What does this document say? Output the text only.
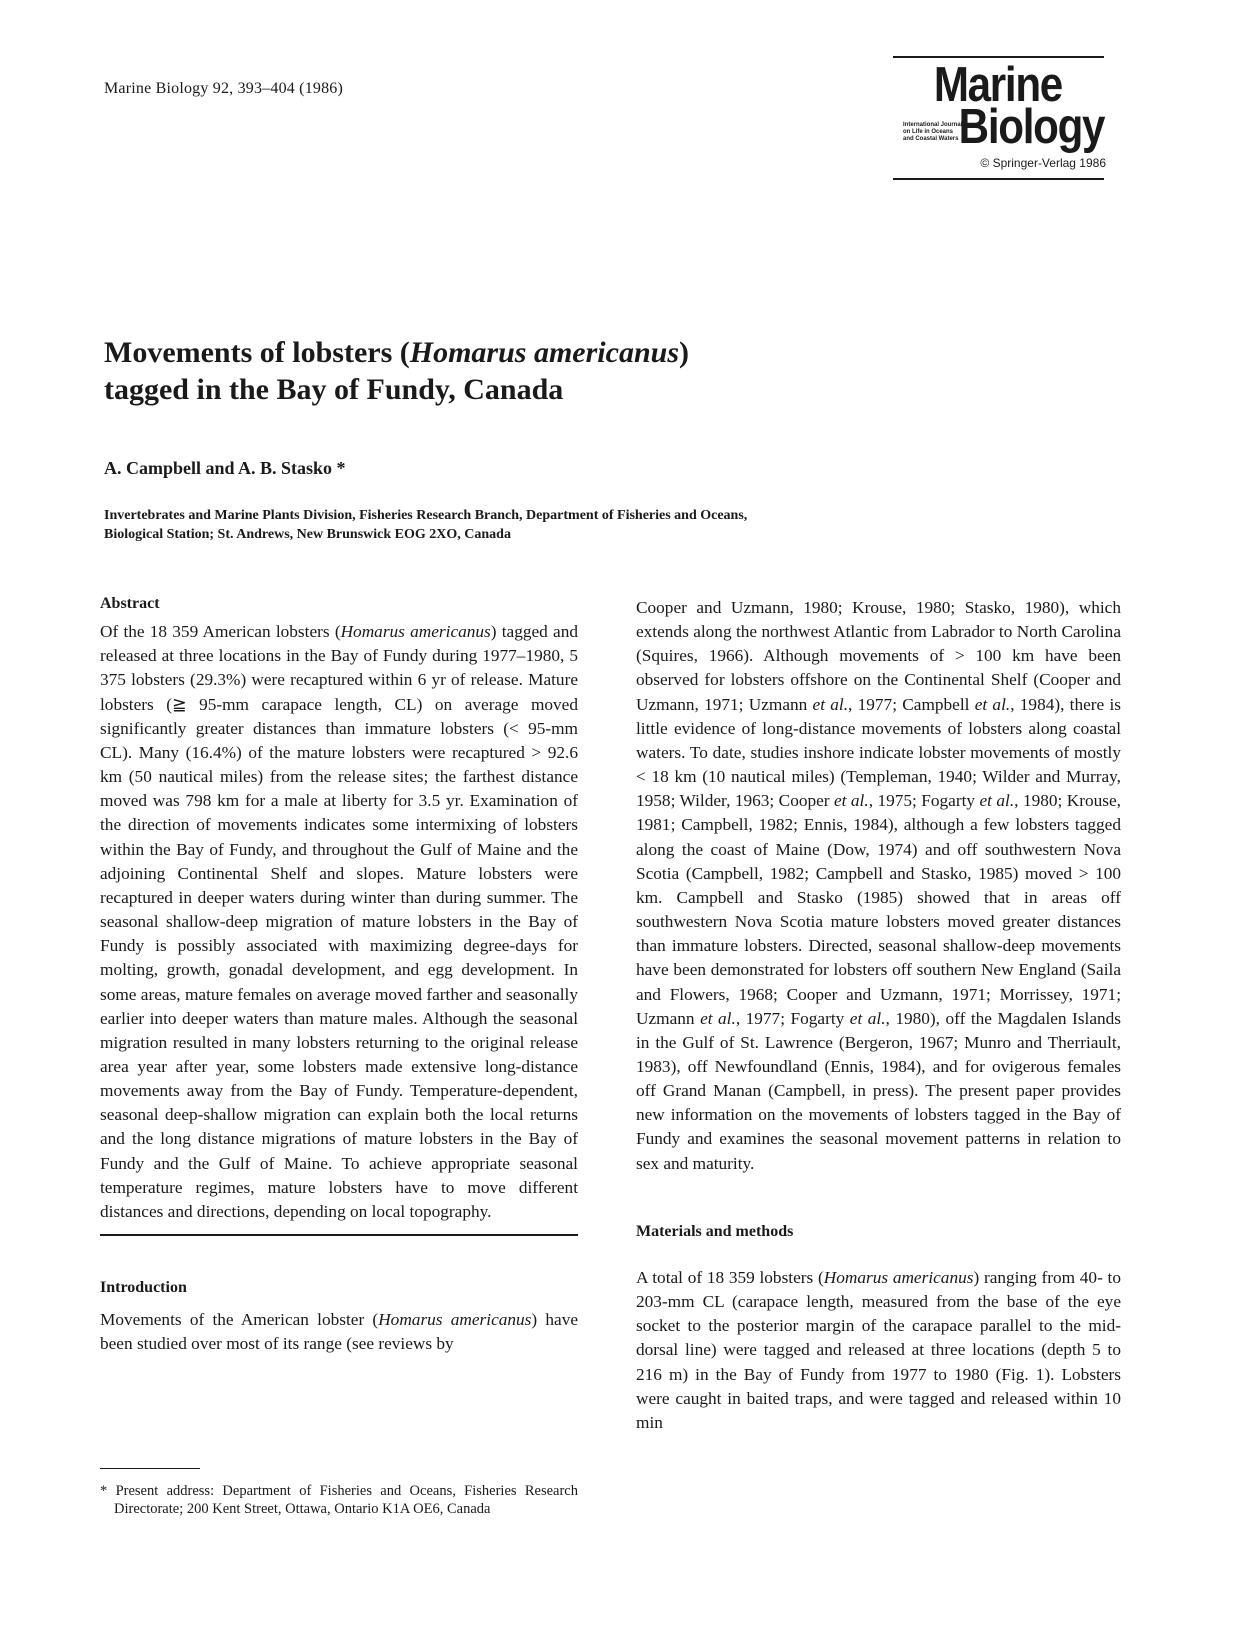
Marine Biology 92, 393–404 (1986)	Marine
Biology
International Journal
on Life in Oceans
and Coastal Waters
© Springer-Verlag 1986
Movements of lobsters (Homarus americanus)
tagged in the Bay of Fundy, Canada
A. Campbell and A. B. Stasko *
Invertebrates and Marine Plants Division, Fisheries Research Branch, Department of Fisheries and Oceans,
Biological Station; St. Andrews, New Brunswick EOG 2XO, Canada
Abstract

Of the 18 359 American lobsters (Homarus americanus) tagged and released at three locations in the Bay of Fundy during 1977–1980, 5 375 lobsters (29.3%) were recaptured within 6 yr of release. Mature lobsters (≧ 95-mm carapace length, CL) on average moved significantly greater distances than immature lobsters (< 95-mm CL). Many (16.4%) of the mature lobsters were recaptured > 92.6 km (50 nautical miles) from the release sites; the farthest distance moved was 798 km for a male at liberty for 3.5 yr. Examination of the direction of movements indicates some intermixing of lobsters within the Bay of Fundy, and throughout the Gulf of Maine and the adjoining Continental Shelf and slopes. Mature lobsters were recaptured in deeper waters during winter than during summer. The seasonal shallow-deep migration of mature lobsters in the Bay of Fundy is possibly associated with maximizing degree-days for molting, growth, gonadal development, and egg development. In some areas, mature females on average moved farther and seasonally earlier into deeper waters than mature males. Although the seasonal migration resulted in many lobsters returning to the original release area year after year, some lobsters made extensive long-distance movements away from the Bay of Fundy. Temperature-dependent, seasonal deep-shallow migration can explain both the local returns and the long distance migrations of mature lobsters in the Bay of Fundy and the Gulf of Maine. To achieve appropriate seasonal temperature regimes, mature lobsters have to move different distances and directions, depending on local topography.

Introduction

Movements of the American lobster (Homarus americanus) have been studied over most of its range (see reviews by

* Present address: Department of Fisheries and Oceans, Fisheries Research Directorate; 200 Kent Street, Ottawa, Ontario K1A OE6, Canada

Cooper and Uzmann, 1980; Krouse, 1980; Stasko, 1980), which extends along the northwest Atlantic from Labrador to North Carolina (Squires, 1966). Although movements of > 100 km have been observed for lobsters offshore on the Continental Shelf (Cooper and Uzmann, 1971; Uzmann et al., 1977; Campbell et al., 1984), there is little evidence of long-distance movements of lobsters along coastal waters. To date, studies inshore indicate lobster movements of mostly < 18 km (10 nautical miles) (Templeman, 1940; Wilder and Murray, 1958; Wilder, 1963; Cooper et al., 1975; Fogarty et al., 1980; Krouse, 1981; Campbell, 1982; Ennis, 1984), although a few lobsters tagged along the coast of Maine (Dow, 1974) and off southwestern Nova Scotia (Campbell, 1982; Campbell and Stasko, 1985) moved > 100 km. Campbell and Stasko (1985) showed that in areas off southwestern Nova Scotia mature lobsters moved greater distances than immature lobsters. Directed, seasonal shallow-deep movements have been demonstrated for lobsters off southern New England (Saila and Flowers, 1968; Cooper and Uzmann, 1971; Morrissey, 1971; Uzmann et al., 1977; Fogarty et al., 1980), off the Magdalen Islands in the Gulf of St. Lawrence (Bergeron, 1967; Munro and Therriault, 1983), off Newfoundland (Ennis, 1984), and for ovigerous females off Grand Manan (Campbell, in press). The present paper provides new information on the movements of lobsters tagged in the Bay of Fundy and examines the seasonal movement patterns in relation to sex and maturity.

Materials and methods

A total of 18 359 lobsters (Homarus americanus) ranging from 40- to 203-mm CL (carapace length, measured from the base of the eye socket to the posterior margin of the carapace parallel to the mid-dorsal line) were tagged and released at three locations (depth 5 to 216 m) in the Bay of Fundy from 1977 to 1980 (Fig. 1). Lobsters were caught in baited traps, and were tagged and released within 10 min
